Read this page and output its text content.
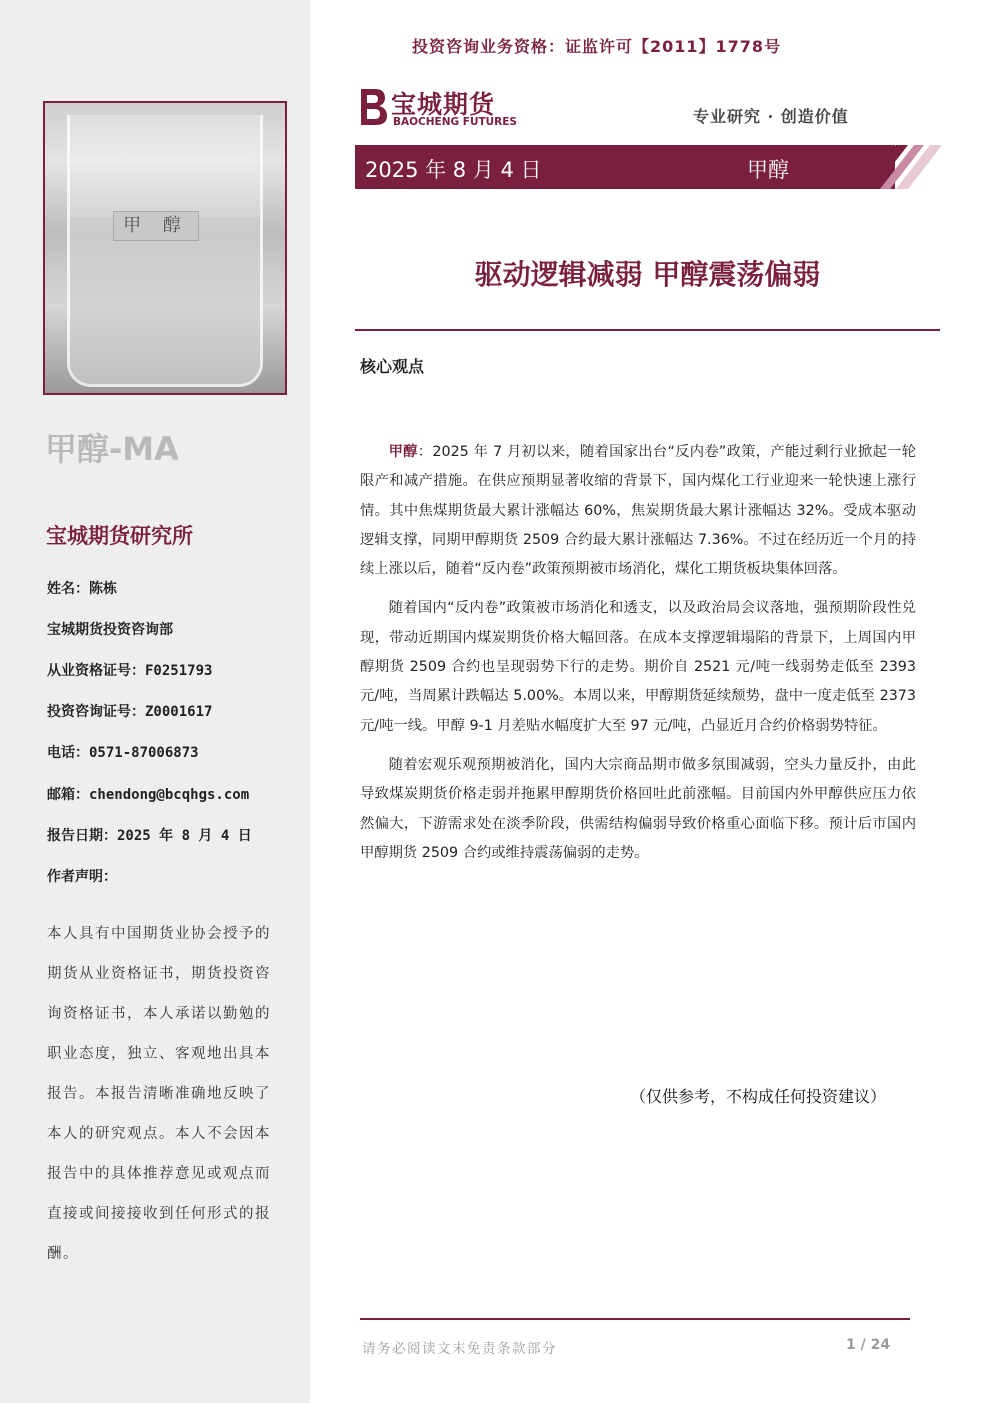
甲 醇
甲醇-MA
宝城期货研究所
姓名：陈栋
宝城期货投资咨询部
从业资格证号：F0251793
投资咨询证号：Z0001617
电话：0571-87006873
邮箱：chendong@bcqhgs.com
报告日期：2025 年 8 月 4 日
作者声明：
本人具有中国期货业协会授予的期货从业资格证书，期货投资咨询资格证书，本人承诺以勤勉的职业态度，独立、客观地出具本报告。本报告清晰准确地反映了本人的研究观点。本人不会因本报告中的具体推荐意见或观点而直接或间接接收到任何形式的报酬。
投资咨询业务资格：证监许可【2011】1778号
宝城期货
BAOCHENG FUTURES	专业研究 · 创造价值
2025 年 8 月 4 日	甲醇
驱动逻辑减弱 甲醇震荡偏弱
核心观点

甲醇：2025 年 7 月初以来，随着国家出台“反内卷”政策，产能过剩行业掀起一轮限产和减产措施。在供应预期显著收缩的背景下，国内煤化工行业迎来一轮快速上涨行情。其中焦煤期货最大累计涨幅达 60%，焦炭期货最大累计涨幅达 32%。受成本驱动逻辑支撑，同期甲醇期货 2509 合约最大累计涨幅达 7.36%。不过在经历近一个月的持续上涨以后，随着“反内卷”政策预期被市场消化，煤化工期货板块集体回落。

随着国内“反内卷”政策被市场消化和透支，以及政治局会议落地，强预期阶段性兑现，带动近期国内煤炭期货价格大幅回落。在成本支撑逻辑塌陷的背景下，上周国内甲醇期货 2509 合约也呈现弱势下行的走势。期价自 2521 元/吨一线弱势走低至 2393 元/吨，当周累计跌幅达 5.00%。本周以来，甲醇期货延续颓势，盘中一度走低至 2373 元/吨一线。甲醇 9-1 月差贴水幅度扩大至 97 元/吨，凸显近月合约价格弱势特征。

随着宏观乐观预期被消化，国内大宗商品期市做多氛围减弱，空头力量反扑，由此导致煤炭期货价格走弱并拖累甲醇期货价格回吐此前涨幅。目前国内外甲醇供应压力依然偏大，下游需求处在淡季阶段，供需结构偏弱导致价格重心面临下移。预计后市国内甲醇期货 2509 合约或维持震荡偏弱的走势。

（仅供参考，不构成任何投资建议）
请务必阅读文末免责条款部分	1 / 24
